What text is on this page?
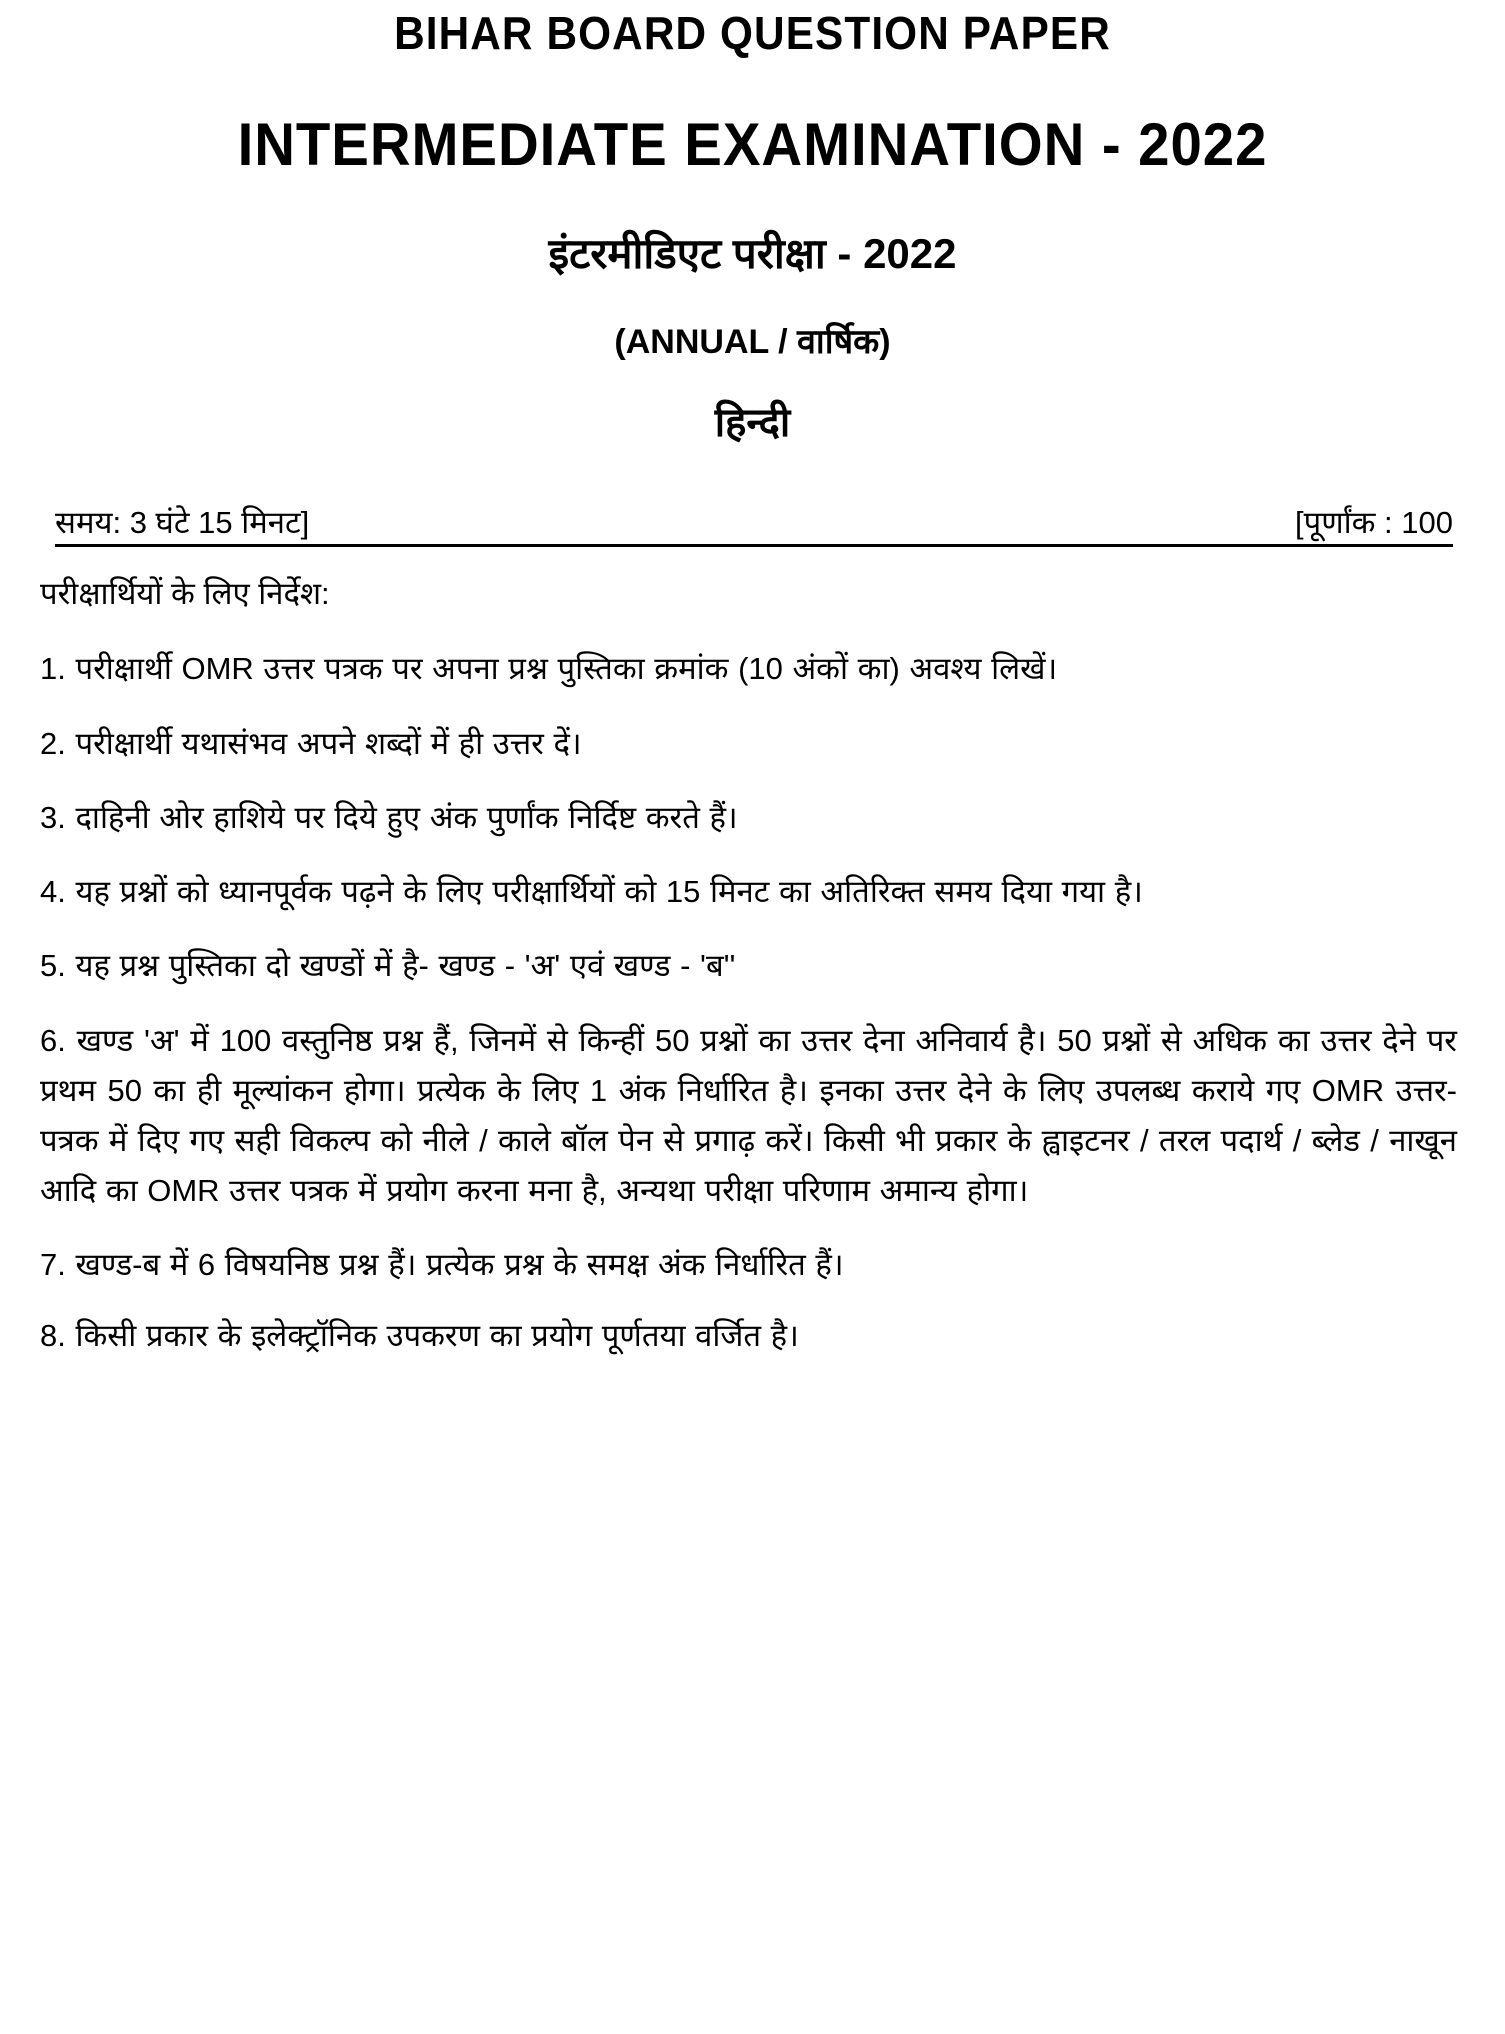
BIHAR BOARD QUESTION PAPER
INTERMEDIATE EXAMINATION - 2022
इंटरमीडिएट परीक्षा - 2022
(ANNUAL / वार्षिक)
हिन्दी
समय: 3 घंटे 15 मिनट]	[पूर्णांक : 100

परीक्षार्थियों के लिए निर्देश:

1. परीक्षार्थी OMR उत्तर पत्रक पर अपना प्रश्न पुस्तिका क्रमांक (10 अंकों का) अवश्य लिखें।

2. परीक्षार्थी यथासंभव अपने शब्दों में ही उत्तर दें।

3. दाहिनी ओर हाशिये पर दिये हुए अंक पुर्णांक निर्दिष्ट करते हैं।

4. यह प्रश्नों को ध्यानपूर्वक पढ़ने के लिए परीक्षार्थियों को 15 मिनट का अतिरिक्त समय दिया गया है।

5. यह प्रश्न पुस्तिका दो खण्डों में है- खण्ड - 'अ' एवं खण्ड - 'ब''

6. खण्ड 'अ' में 100 वस्तुनिष्ठ प्रश्न हैं, जिनमें से किन्हीं 50 प्रश्नों का उत्तर देना अनिवार्य है। 50 प्रश्नों से अधिक का उत्तर देने पर प्रथम 50 का ही मूल्यांकन होगा। प्रत्येक के लिए 1 अंक निर्धारित है। इनका उत्तर देने के लिए उपलब्ध कराये गए OMR उत्तर-पत्रक में दिए गए सही विकल्प को नीले / काले बॉल पेन से प्रगाढ़ करें। किसी भी प्रकार के ह्वाइटनर / तरल पदार्थ / ब्लेड / नाखून आदि का OMR उत्तर पत्रक में प्रयोग करना मना है, अन्यथा परीक्षा परिणाम अमान्य होगा।

7. खण्ड-ब में 6 विषयनिष्ठ प्रश्न हैं। प्रत्येक प्रश्न के समक्ष अंक निर्धारित हैं।

8. किसी प्रकार के इलेक्ट्रॉनिक उपकरण का प्रयोग पूर्णतया वर्जित है।
